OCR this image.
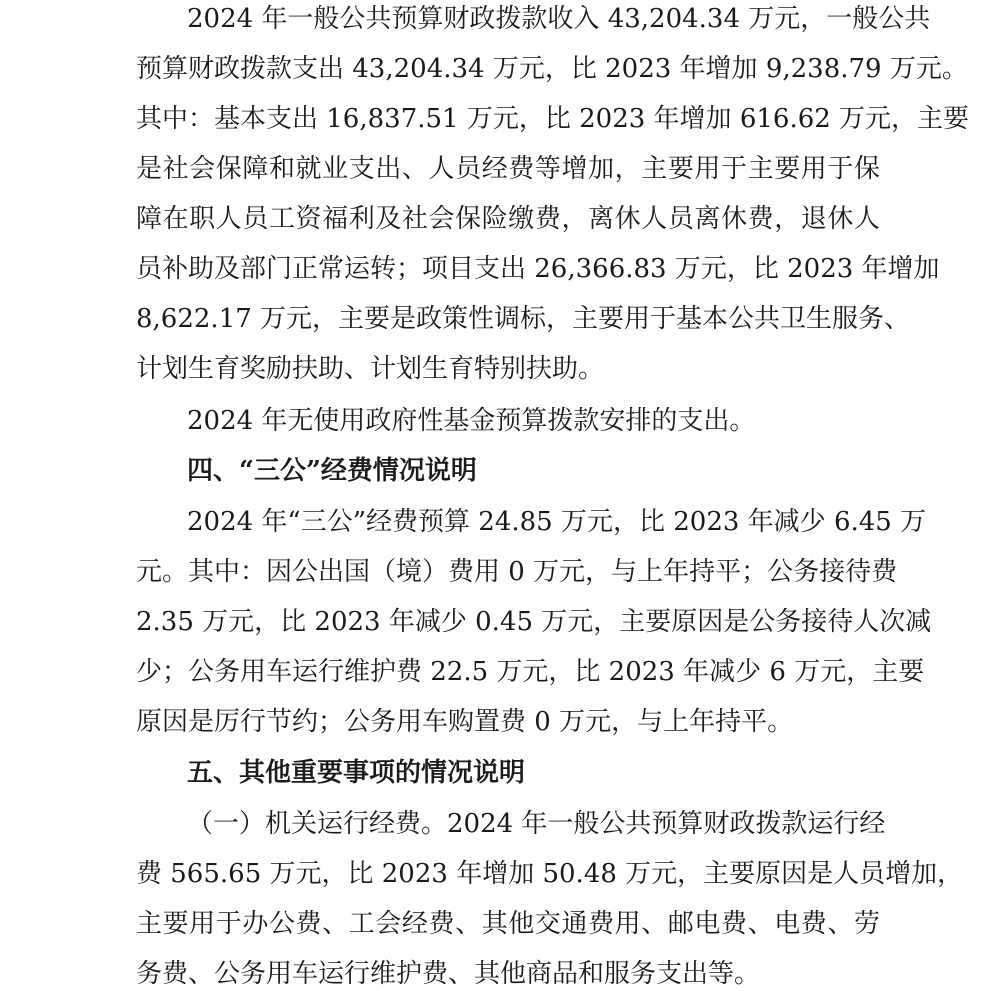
2024 年一般公共预算财政拨款收入 43,204.34 万元，一般公共
预算财政拨款支出 43,204.34 万元，比 2023 年增加 9,238.79 万元。
其中：基本支出 16,837.51 万元，比 2023 年增加 616.62 万元，主要
是社会保障和就业支出、人员经费等增加，主要用于主要用于保
障在职人员工资福利及社会保险缴费，离休人员离休费，退休人
员补助及部门正常运转；项目支出 26,366.83 万元，比 2023 年增加
8,622.17 万元，主要是政策性调标，主要用于基本公共卫生服务、
计划生育奖励扶助、计划生育特别扶助。
2024 年无使用政府性基金预算拨款安排的支出。
四、“三公”经费情况说明
2024 年“三公”经费预算 24.85 万元，比 2023 年减少 6.45 万
元。其中：因公出国（境）费用 0 万元，与上年持平；公务接待费
2.35 万元，比 2023 年减少 0.45 万元，主要原因是公务接待人次减
少；公务用车运行维护费 22.5 万元，比 2023 年减少 6 万元，主要
原因是厉行节约；公务用车购置费 0 万元，与上年持平。
五、其他重要事项的情况说明
（一）机关运行经费。2024 年一般公共预算财政拨款运行经
费 565.65 万元，比 2023 年增加 50.48 万元，主要原因是人员增加，
主要用于办公费、工会经费、其他交通费用、邮电费、电费、劳
务费、公务用车运行维护费、其他商品和服务支出等。
